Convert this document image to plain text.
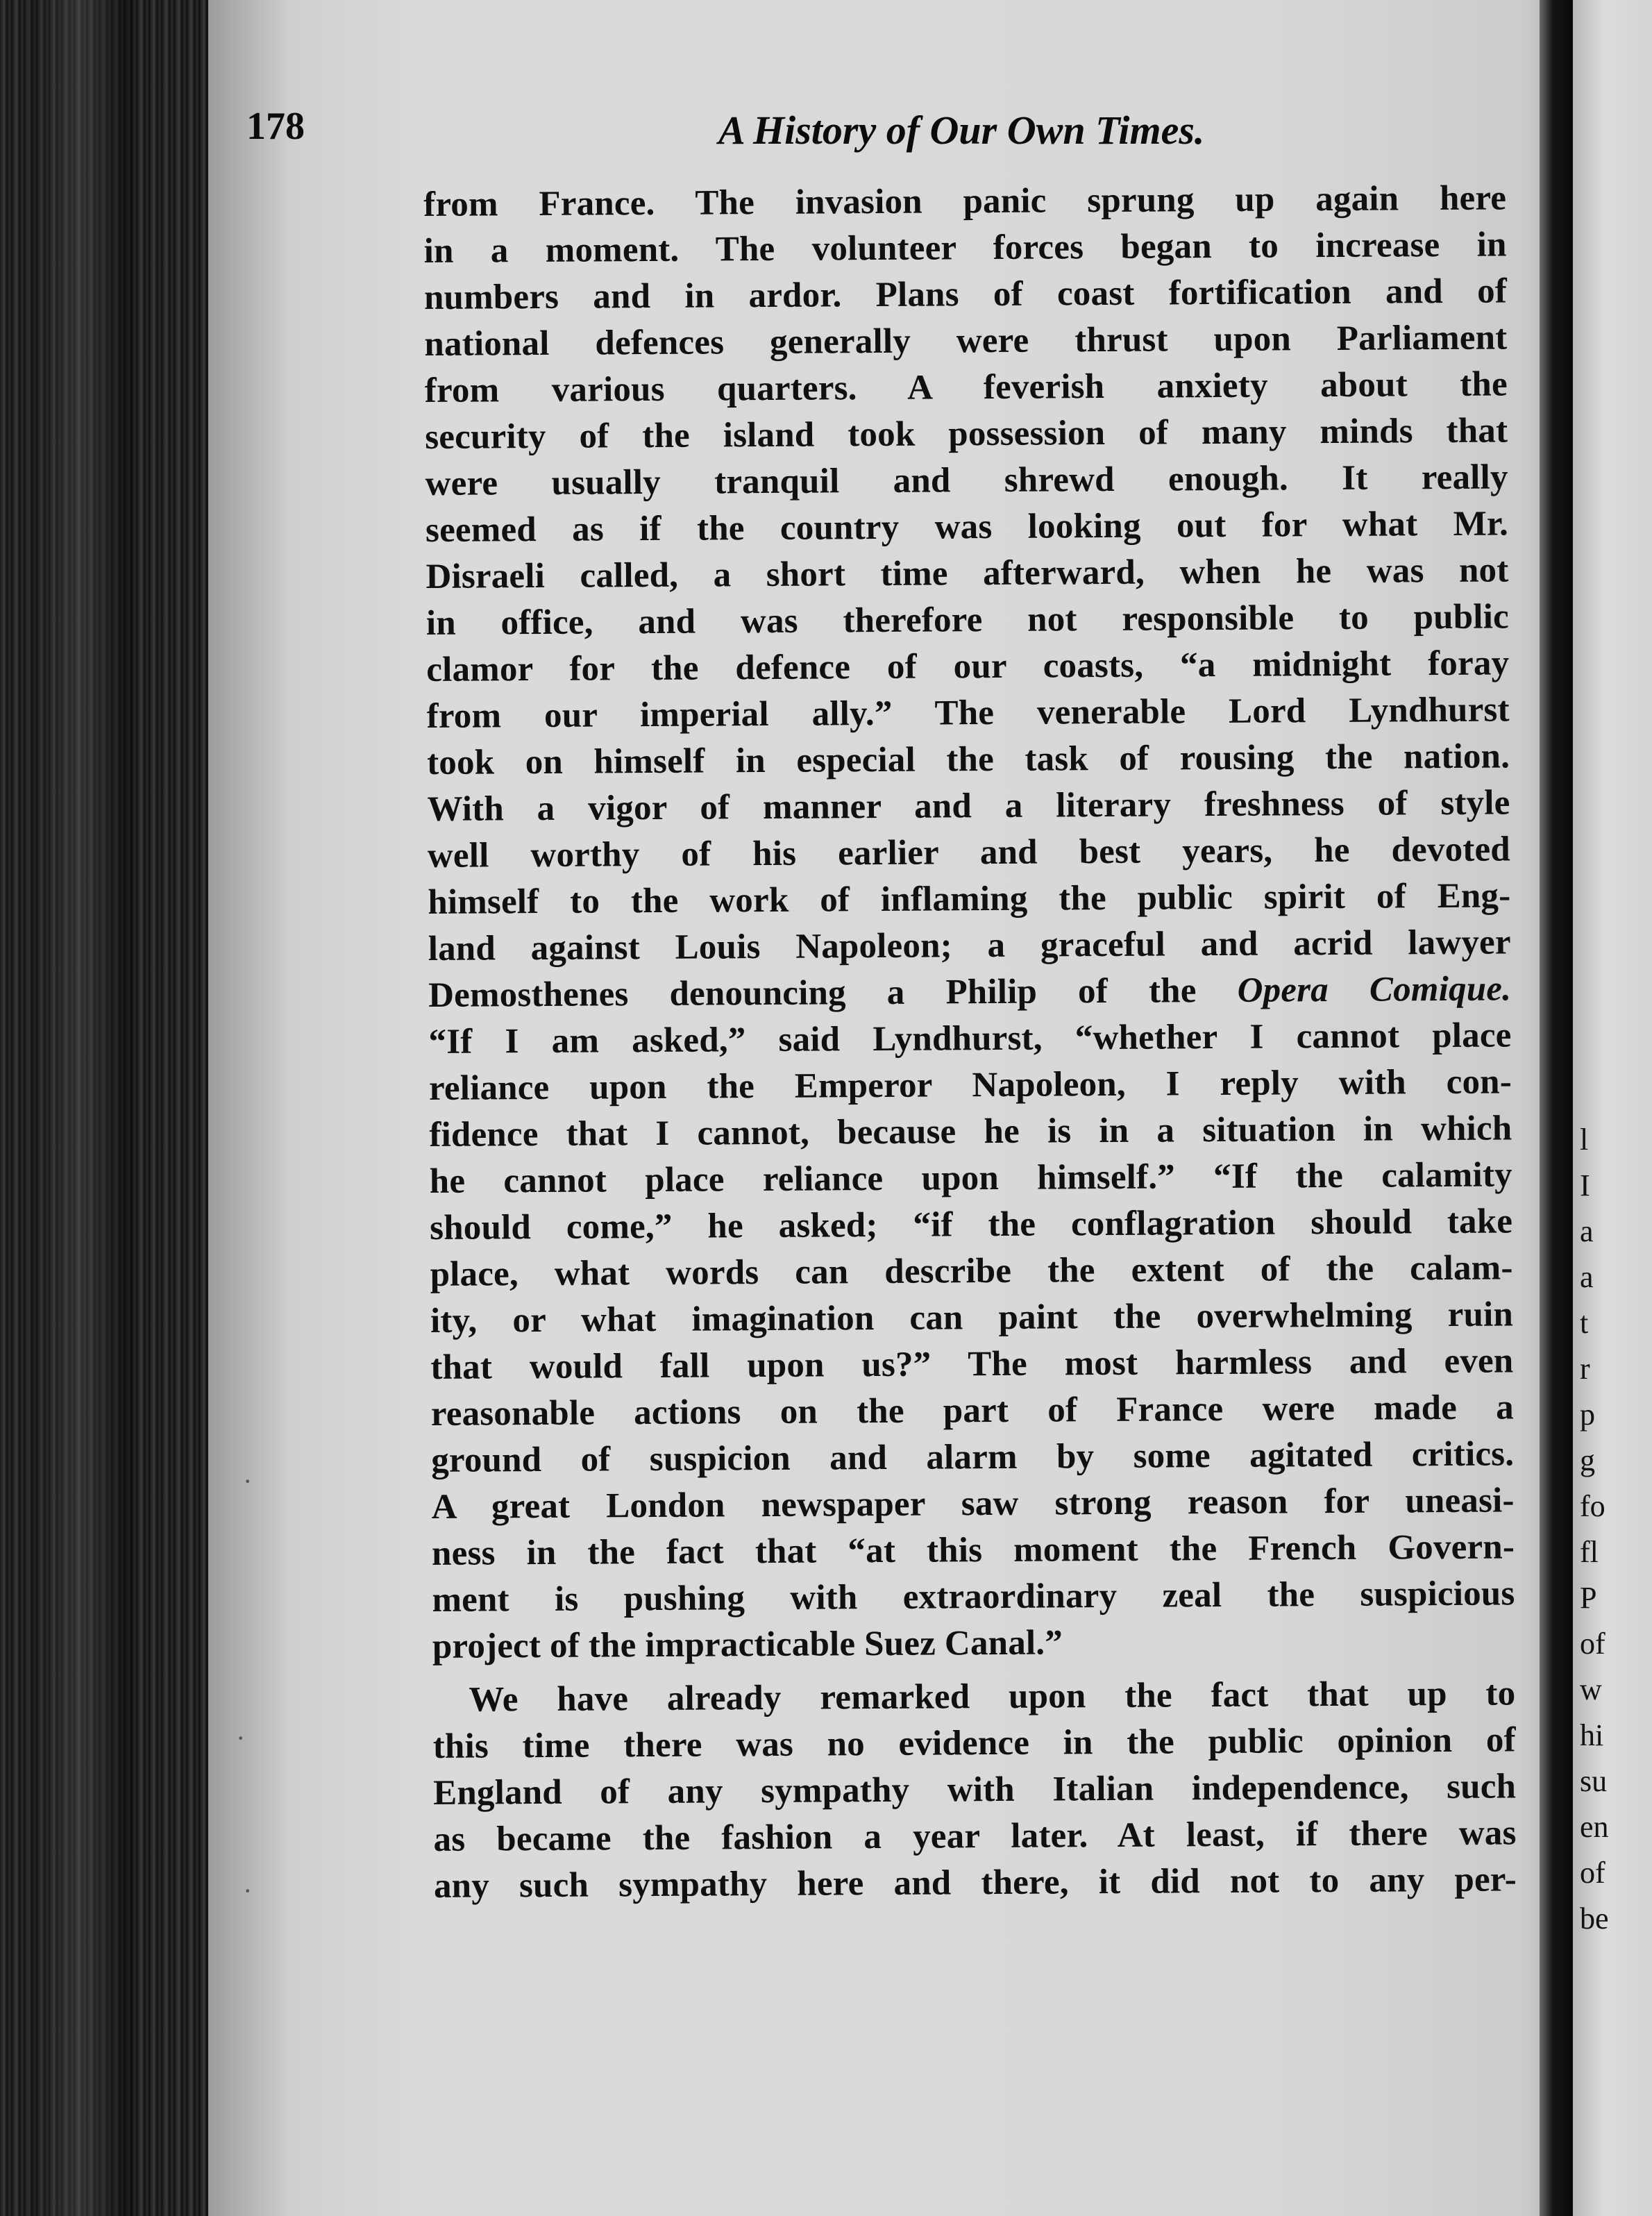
l
I
a
a
t
r
p
g
fo
fl
P
of
w
hi
su
en
of
be
178	A History of Our Own Times.
from France. The invasion panic sprung up again here
in a moment. The volunteer forces began to increase in
numbers and in ardor. Plans of coast fortification and of
national defences generally were thrust upon Parliament
from various quarters. A feverish anxiety about the
security of the island took possession of many minds that
were usually tranquil and shrewd enough. It really
seemed as if the country was looking out for what Mr.
Disraeli called, a short time afterward, when he was not
in office, and was therefore not responsible to public
clamor for the defence of our coasts, “a midnight foray
from our imperial ally.” The venerable Lord Lyndhurst
took on himself in especial the task of rousing the nation.
With a vigor of manner and a literary freshness of style
well worthy of his earlier and best years, he devoted
himself to the work of inflaming the public spirit of Eng-
land against Louis Napoleon; a graceful and acrid lawyer
Demosthenes denouncing a Philip of the Opera Comique.
“If I am asked,” said Lyndhurst, “whether I cannot place
reliance upon the Emperor Napoleon, I reply with con-
fidence that I cannot, because he is in a situation in which
he cannot place reliance upon himself.” “If the calamity
should come,” he asked; “if the conflagration should take
place, what words can describe the extent of the calam-
ity, or what imagination can paint the overwhelming ruin
that would fall upon us?” The most harmless and even
reasonable actions on the part of France were made a
ground of suspicion and alarm by some agitated critics.
A great London newspaper saw strong reason for uneasi-
ness in the fact that “at this moment the French Govern-
ment is pushing with extraordinary zeal the suspicious
project of the impracticable Suez Canal.”
We have already remarked upon the fact that up to
this time there was no evidence in the public opinion of
England of any sympathy with Italian independence, such
as became the fashion a year later. At least, if there was
any such sympathy here and there, it did not to any per-
·
·
·
